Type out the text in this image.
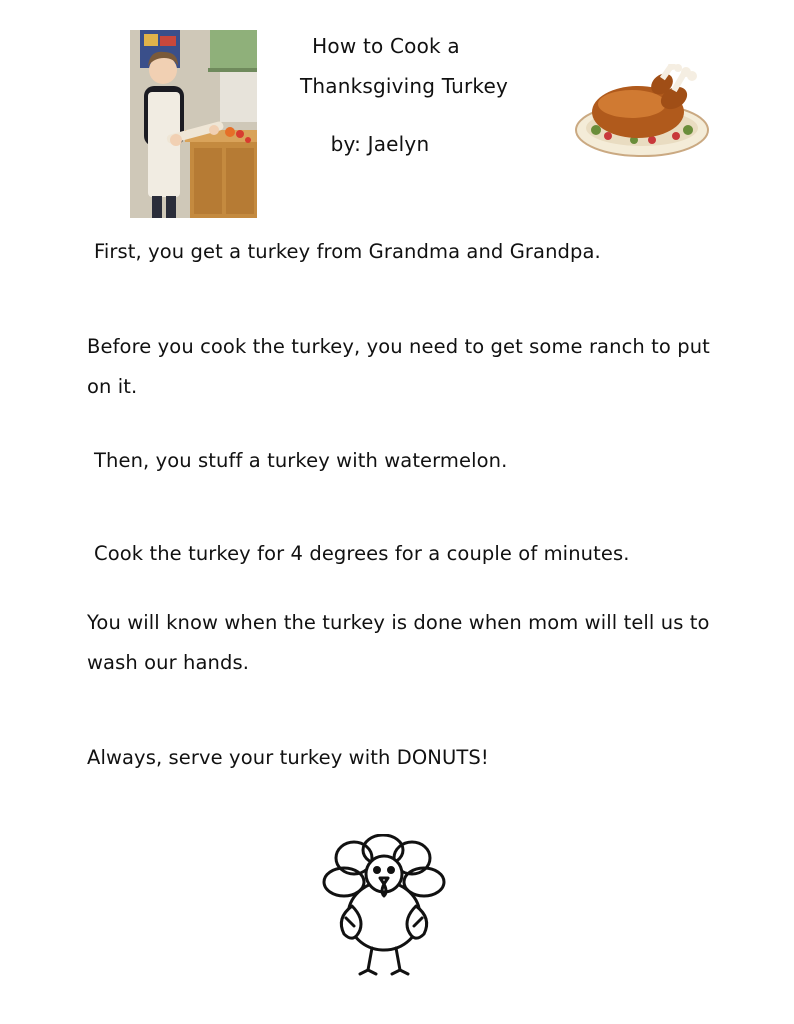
How to Cook a
Thanksgiving Turkey
by: Jaelyn
First, you get a turkey from Grandma and Grandpa.
Before you cook the turkey, you need to get some ranch to put
on it.
Then, you stuff a turkey with watermelon.
Cook the turkey for 4 degrees for a couple of minutes.
You will know when the turkey is done when mom will tell us to
wash our hands.
Always, serve your turkey with DONUTS!
